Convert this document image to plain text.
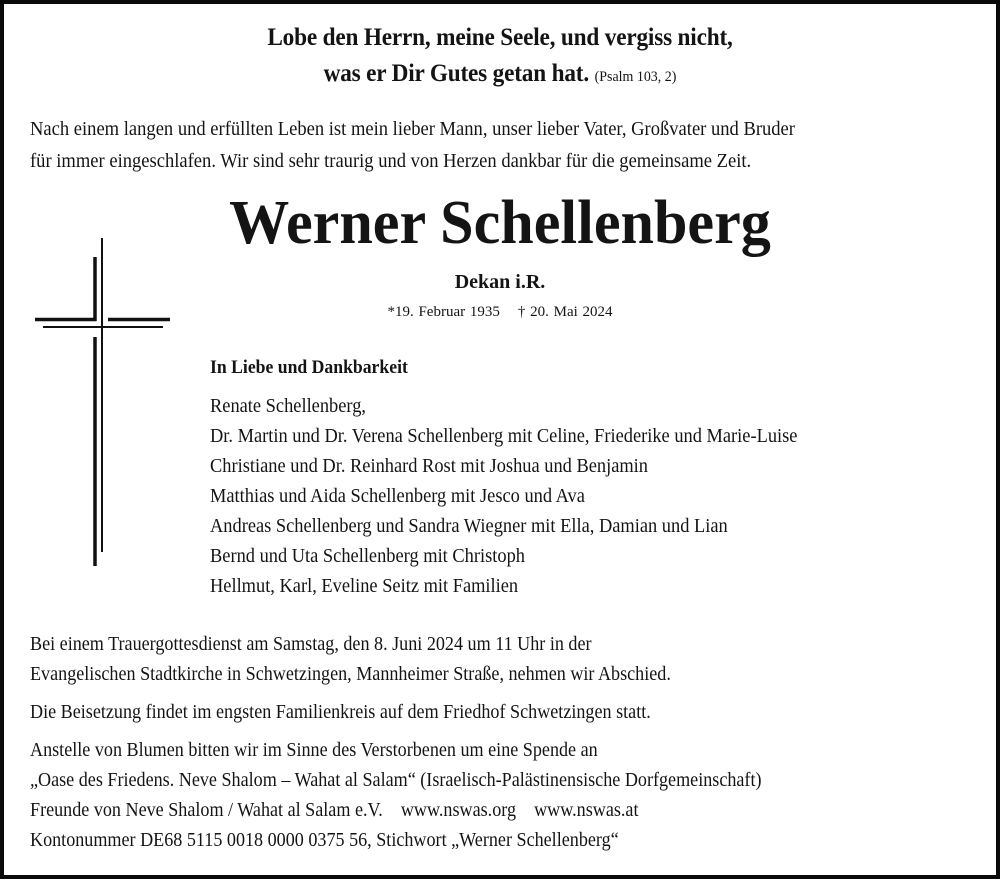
Lobe den Herrn, meine Seele, und vergiss nicht,
was er Dir Gutes getan hat. (Psalm 103, 2)
Nach einem langen und erfüllten Leben ist mein lieber Mann, unser lieber Vater, Großvater und Bruder
für immer eingeschlafen. Wir sind sehr traurig und von Herzen dankbar für die gemeinsame Zeit.
Werner Schellenberg
Dekan i.R.
*19. Februar 1935 † 20. Mai 2024
In Liebe und Dankbarkeit
Renate Schellenberg,
Dr. Martin und Dr. Verena Schellenberg mit Celine, Friederike und Marie-Luise
Christiane und Dr. Reinhard Rost mit Joshua und Benjamin
Matthias und Aida Schellenberg mit Jesco und Ava
Andreas Schellenberg und Sandra Wiegner mit Ella, Damian und Lian
Bernd und Uta Schellenberg mit Christoph
Hellmut, Karl, Eveline Seitz mit Familien
Bei einem Trauergottesdienst am Samstag, den 8. Juni 2024 um 11 Uhr in der
Evangelischen Stadtkirche in Schwetzingen, Mannheimer Straße, nehmen wir Abschied.
Die Beisetzung findet im engsten Familienkreis auf dem Friedhof Schwetzingen statt.
Anstelle von Blumen bitten wir im Sinne des Verstorbenen um eine Spende an
„Oase des Friedens. Neve Shalom – Wahat al Salam“ (Israelisch-Palästinensische Dorfgemeinschaft)
Freunde von Neve Shalom / Wahat al Salam e.V. www.nswas.org www.nswas.at
Kontonummer DE68 5115 0018 0000 0375 56, Stichwort „Werner Schellenberg“
